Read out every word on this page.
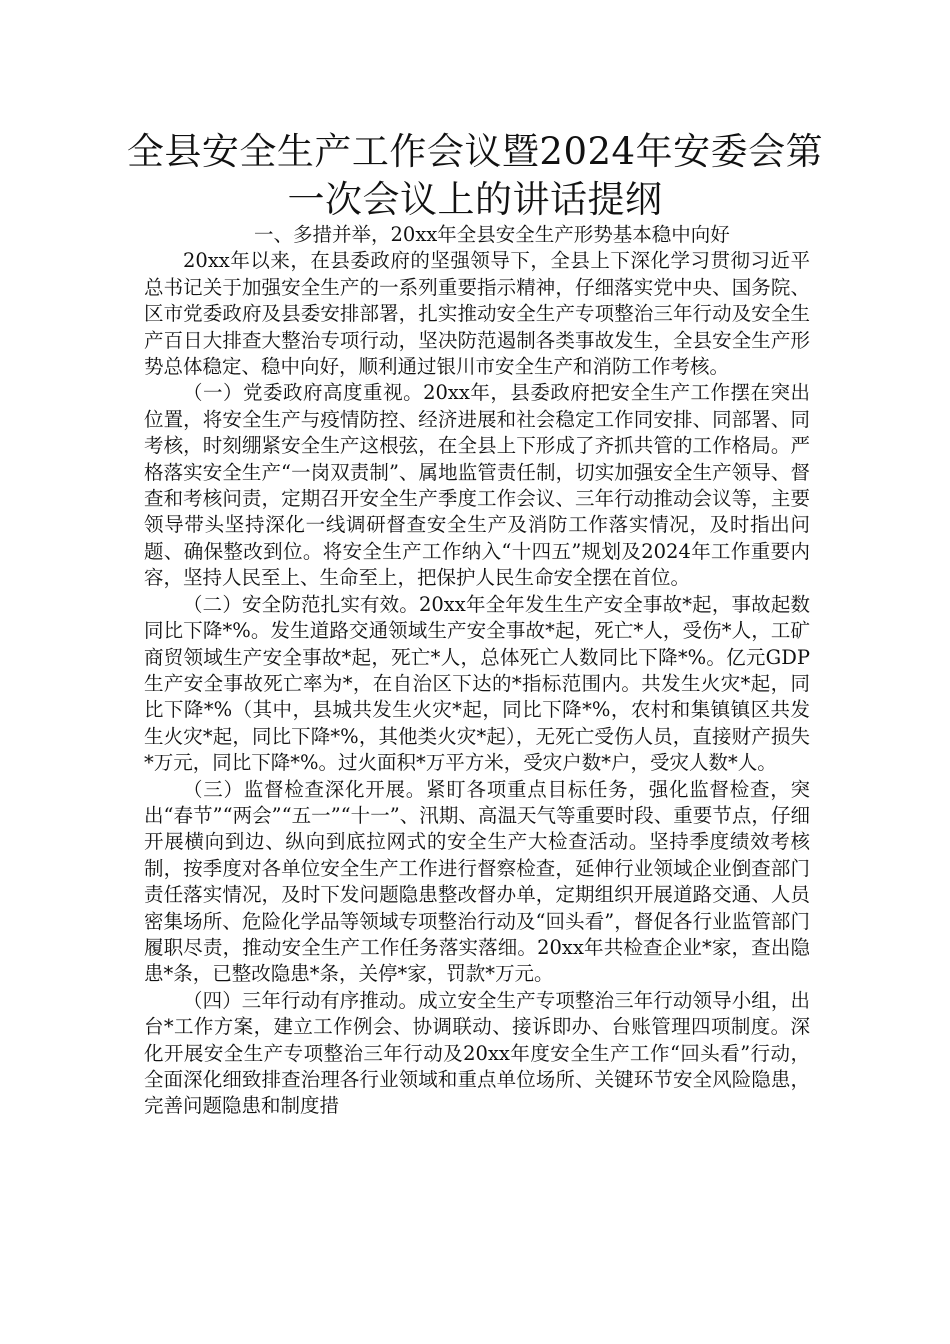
全县安全生产工作会议暨2024年安委会第一次会议上的讲话提纲

一、多措并举，20xx年全县安全生产形势基本稳中向好

20xx年以来，在县委政府的坚强领导下，全县上下深化学习贯彻习近平总书记关于加强安全生产的一系列重要指示精神，仔细落实党中央、国务院、区市党委政府及县委安排部署，扎实推动安全生产专项整治三年行动及安全生产百日大排查大整治专项行动，坚决防范遏制各类事故发生，全县安全生产形势总体稳定、稳中向好，顺利通过银川市安全生产和消防工作考核。

（一）党委政府高度重视。20xx年，县委政府把安全生产工作摆在突出位置，将安全生产与疫情防控、经济进展和社会稳定工作同安排、同部署、同考核，时刻绷紧安全生产这根弦，在全县上下形成了齐抓共管的工作格局。严格落实安全生产“一岗双责制”、属地监管责任制，切实加强安全生产领导、督查和考核问责，定期召开安全生产季度工作会议、三年行动推动会议等，主要领导带头坚持深化一线调研督查安全生产及消防工作落实情况，及时指出问题、确保整改到位。将安全生产工作纳入“十四五”规划及2024年工作重要内容，坚持人民至上、生命至上，把保护人民生命安全摆在首位。

（二）安全防范扎实有效。20xx年全年发生生产安全事故*起，事故起数同比下降*%。发生道路交通领域生产安全事故*起，死亡*人，受伤*人，工矿商贸领域生产安全事故*起，死亡*人，总体死亡人数同比下降*%。亿元GDP生产安全事故死亡率为*，在自治区下达的*指标范围内。共发生火灾*起，同比下降*%（其中，县城共发生火灾*起，同比下降*%，农村和集镇镇区共发生火灾*起，同比下降*%，其他类火灾*起），无死亡受伤人员，直接财产损失*万元，同比下降*%。过火面积*万平方米，受灾户数*户，受灾人数*人。

（三）监督检查深化开展。紧盯各项重点目标任务，强化监督检查，突出“春节”“两会”“五一”“十一”、汛期、高温天气等重要时段、重要节点，仔细开展横向到边、纵向到底拉网式的安全生产大检查活动。坚持季度绩效考核制，按季度对各单位安全生产工作进行督察检查，延伸行业领域企业倒查部门责任落实情况，及时下发问题隐患整改督办单，定期组织开展道路交通、人员密集场所、危险化学品等领域专项整治行动及“回头看”，督促各行业监管部门履职尽责，推动安全生产工作任务落实落细。20xx年共检查企业*家，查出隐患*条，已整改隐患*条，关停*家，罚款*万元。

（四）三年行动有序推动。成立安全生产专项整治三年行动领导小组，出台*工作方案，建立工作例会、协调联动、接诉即办、台账管理四项制度。深化开展安全生产专项整治三年行动及20xx年度安全生产工作“回头看”行动，全面深化细致排查治理各行业领域和重点单位场所、关键环节安全风险隐患，完善问题隐患和制度措
